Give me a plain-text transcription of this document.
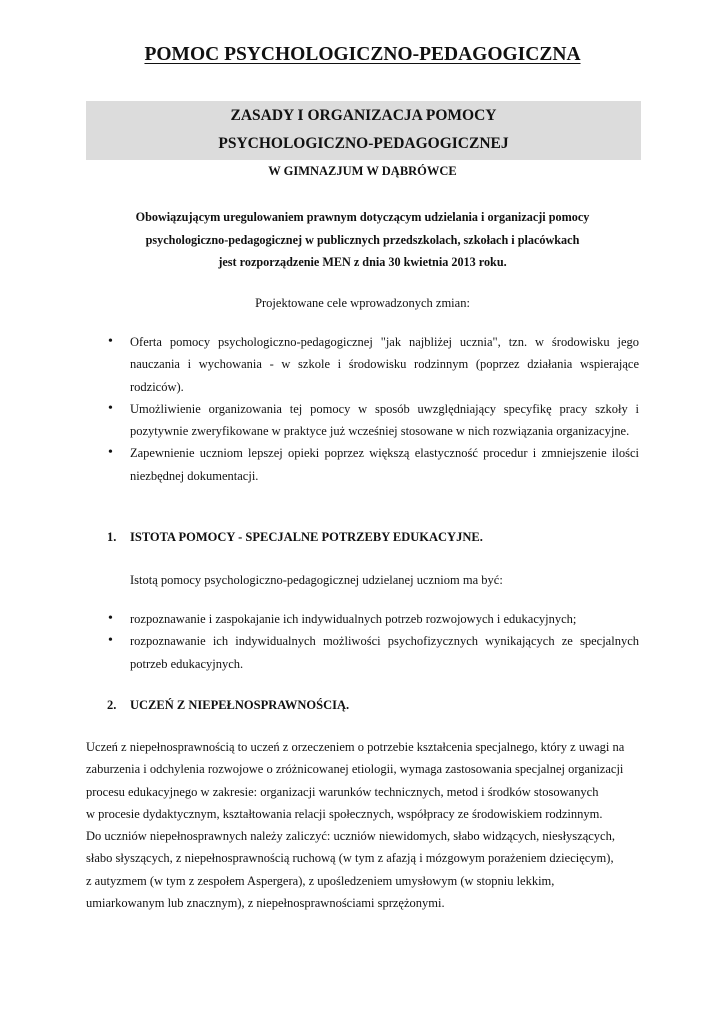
POMOC PSYCHOLOGICZNO-PEDAGOGICZNA
ZASADY I ORGANIZACJA POMOCY
PSYCHOLOGICZNO-PEDAGOGICZNEJ
W GIMNAZJUM W DĄBRÓWCE

Obowiązującym uregulowaniem prawnym dotyczącym udzielania i organizacji pomocy
psychologiczno-pedagogicznej w publicznych przedszkolach, szkołach i placówkach
jest rozporządzenie MEN z dnia 30 kwietnia 2013 roku.

Projektowane cele wprowadzonych zmian:
• Oferta pomocy psychologiczno-pedagogicznej "jak najbliżej ucznia", tzn. w środowisku jego nauczania i wychowania - w szkole i środowisku rodzinnym (poprzez działania wspierające rodziców).
• Umożliwienie organizowania tej pomocy w sposób uwzględniający specyfikę pracy szkoły i pozytywnie zweryfikowane w praktyce już wcześniej stosowane w nich rozwiązania organizacyjne.
• Zapewnienie uczniom lepszej opieki poprzez większą elastyczność procedur i zmniejszenie ilości niezbędnej dokumentacji.
1. ISTOTA POMOCY - SPECJALNE POTRZEBY EDUKACYJNE.
Istotą pomocy psychologiczno-pedagogicznej udzielanej uczniom ma być:
• rozpoznawanie i zaspokajanie ich indywidualnych potrzeb rozwojowych i edukacyjnych;
• rozpoznawanie ich indywidualnych możliwości psychofizycznych wynikających ze specjalnych potrzeb edukacyjnych.
2. UCZEŃ Z NIEPEŁNOSPRAWNOŚCIĄ.
Uczeń z niepełnosprawnością to uczeń z orzeczeniem o potrzebie kształcenia specjalnego, który z uwagi na
zaburzenia i odchylenia rozwojowe o zróżnicowanej etiologii, wymaga zastosowania specjalnej organizacji
procesu edukacyjnego w zakresie: organizacji warunków technicznych, metod i środków stosowanych
w procesie dydaktycznym, kształtowania relacji społecznych, współpracy ze środowiskiem rodzinnym.
Do uczniów niepełnosprawnych należy zaliczyć: uczniów niewidomych, słabo widzących, niesłyszących,
słabo słyszących, z niepełnosprawnością ruchową (w tym z afazją i mózgowym porażeniem dziecięcym),
z autyzmem (w tym z zespołem Aspergera), z upośledzeniem umysłowym (w stopniu lekkim,
umiarkowanym lub znacznym), z niepełnosprawnościami sprzężonymi.
